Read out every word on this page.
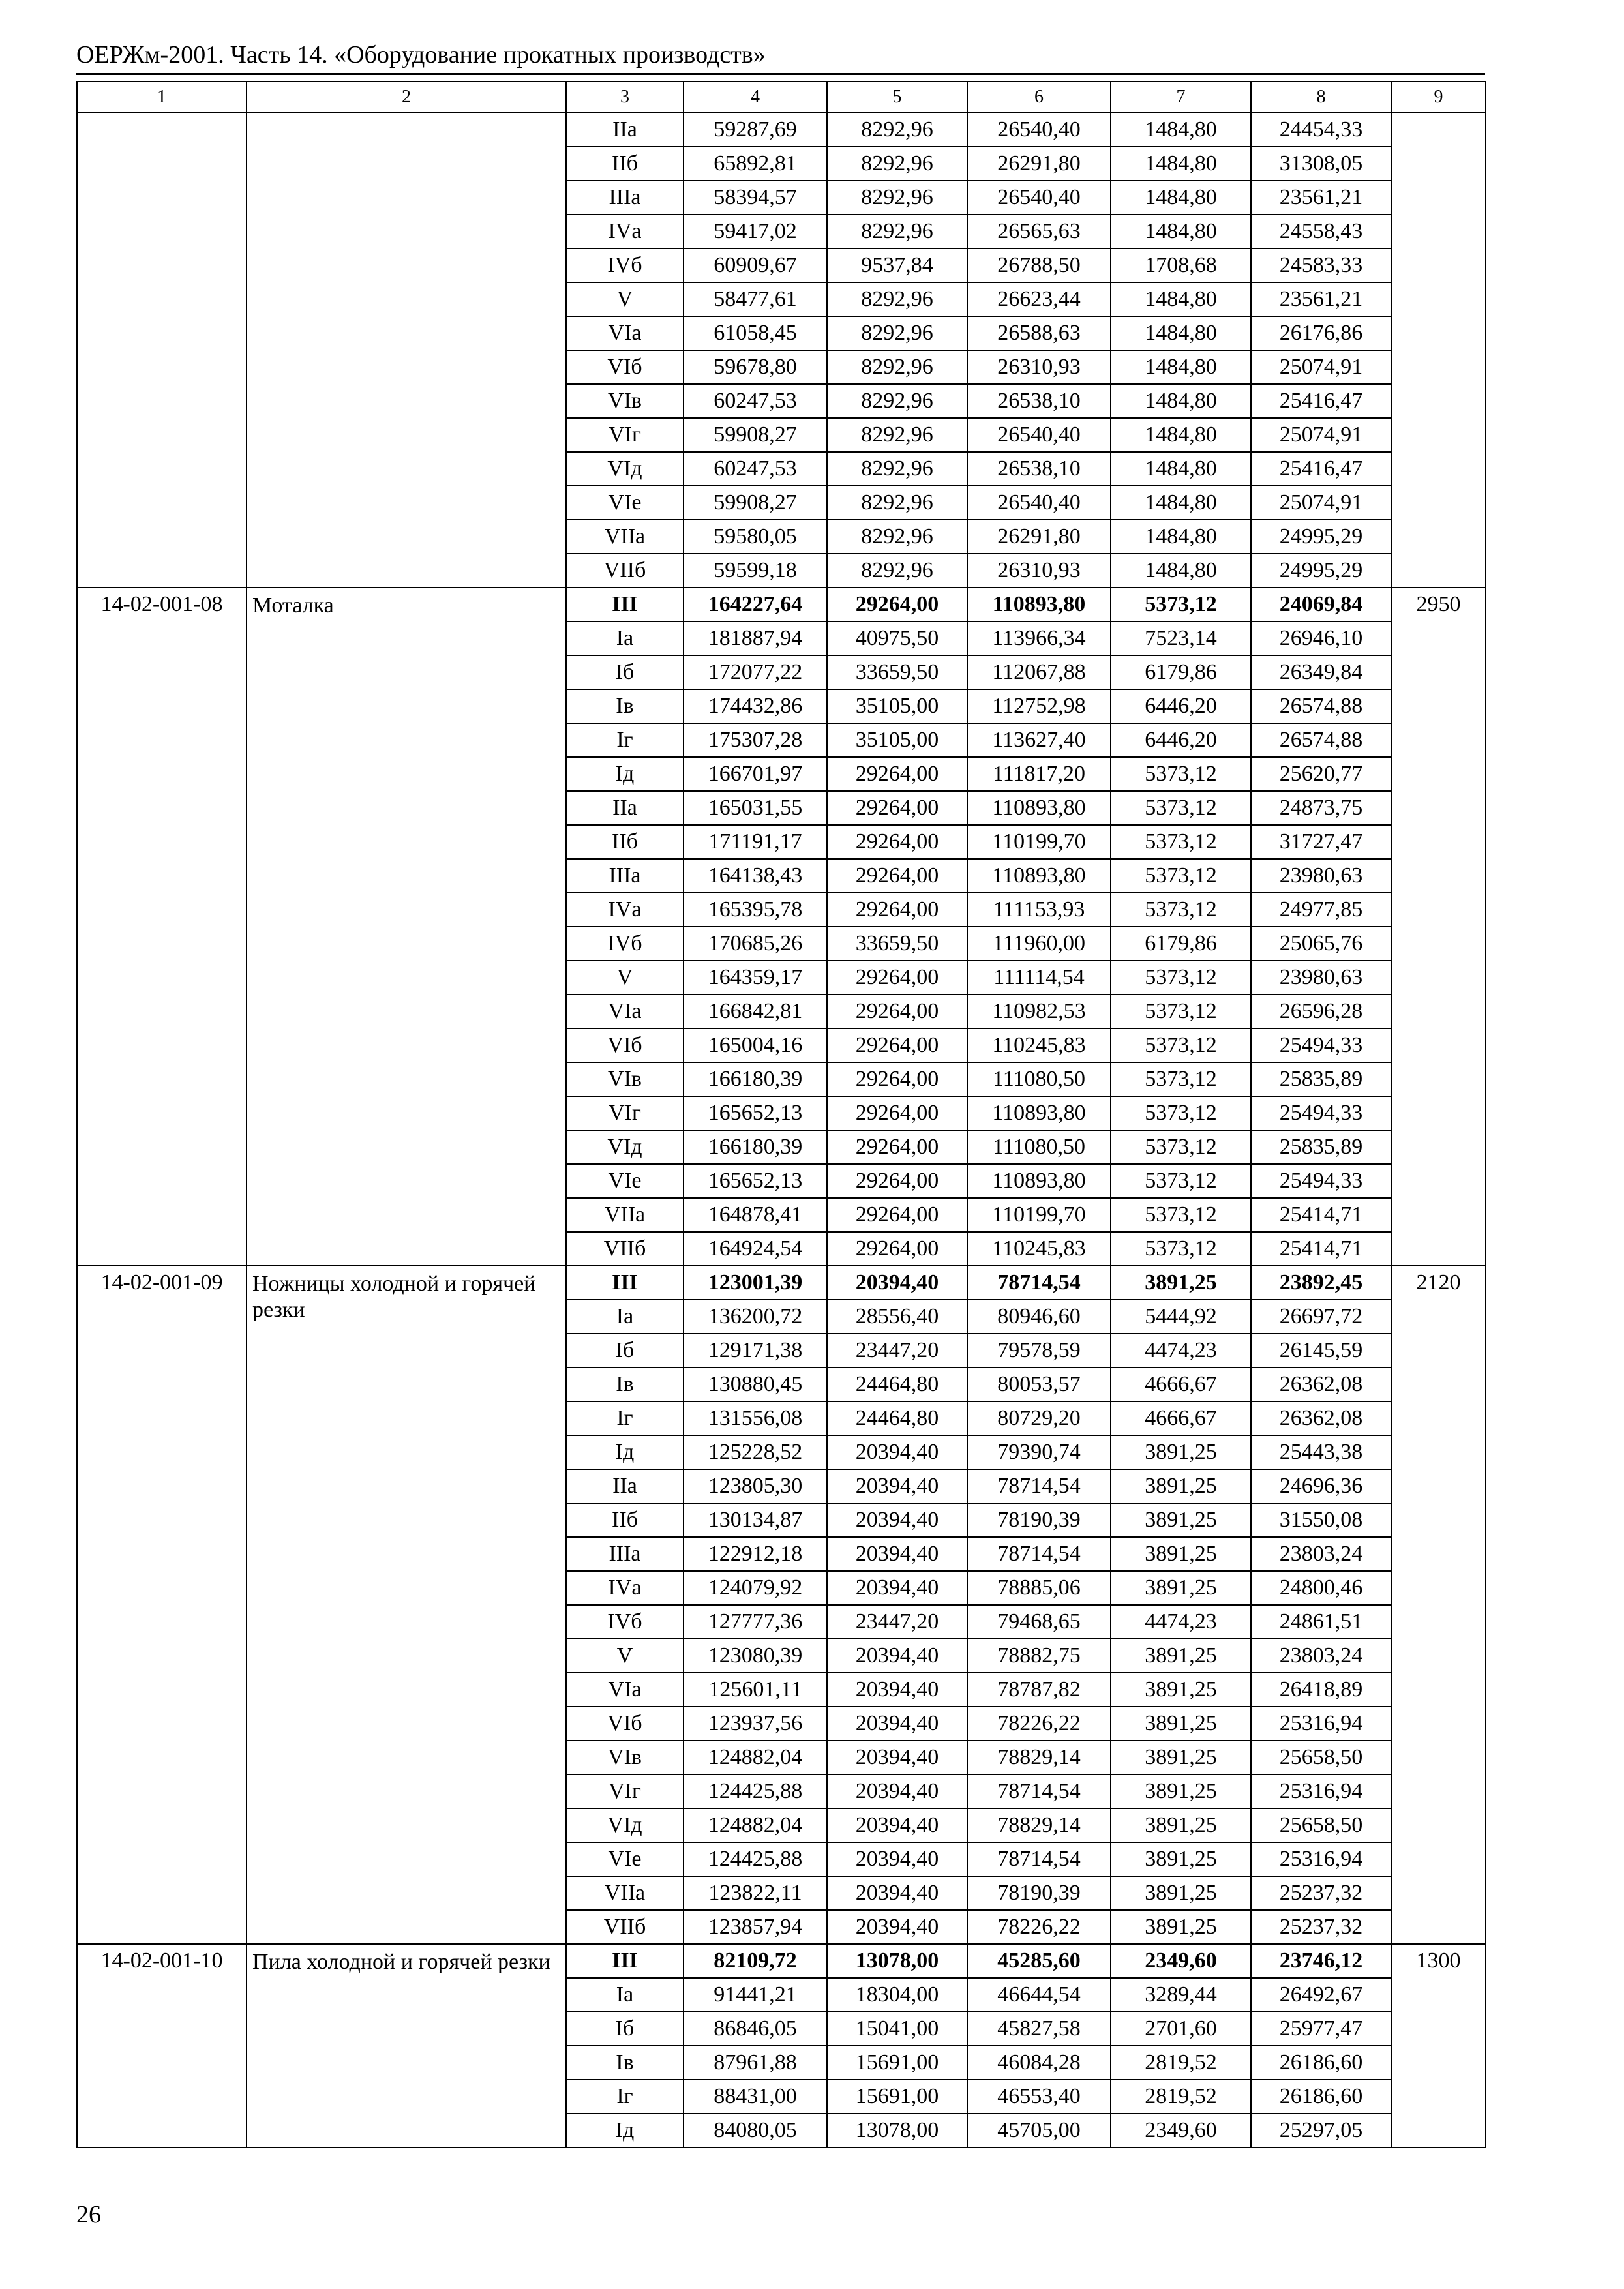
ОЕРЖм-2001. Часть 14. «Оборудование прокатных производств»
1	2	3	4	5	6	7	8	9
		IIа	59287,69	8292,96	26540,40	1484,80	24454,33	
		IIб	65892,81	8292,96	26291,80	1484,80	31308,05	
		IIIа	58394,57	8292,96	26540,40	1484,80	23561,21	
		IVа	59417,02	8292,96	26565,63	1484,80	24558,43	
		IVб	60909,67	9537,84	26788,50	1708,68	24583,33	
		V	58477,61	8292,96	26623,44	1484,80	23561,21	
		VIа	61058,45	8292,96	26588,63	1484,80	26176,86	
		VIб	59678,80	8292,96	26310,93	1484,80	25074,91	
		VIв	60247,53	8292,96	26538,10	1484,80	25416,47	
		VIг	59908,27	8292,96	26540,40	1484,80	25074,91	
		VIд	60247,53	8292,96	26538,10	1484,80	25416,47	
		VIе	59908,27	8292,96	26540,40	1484,80	25074,91	
		VIIа	59580,05	8292,96	26291,80	1484,80	24995,29	
		VIIб	59599,18	8292,96	26310,93	1484,80	24995,29	
14-02-001-08	Моталка	III	164227,64	29264,00	110893,80	5373,12	24069,84	2950
		Iа	181887,94	40975,50	113966,34	7523,14	26946,10	
		Iб	172077,22	33659,50	112067,88	6179,86	26349,84	
		Iв	174432,86	35105,00	112752,98	6446,20	26574,88	
		Iг	175307,28	35105,00	113627,40	6446,20	26574,88	
		Iд	166701,97	29264,00	111817,20	5373,12	25620,77	
		IIа	165031,55	29264,00	110893,80	5373,12	24873,75	
		IIб	171191,17	29264,00	110199,70	5373,12	31727,47	
		IIIа	164138,43	29264,00	110893,80	5373,12	23980,63	
		IVа	165395,78	29264,00	111153,93	5373,12	24977,85	
		IVб	170685,26	33659,50	111960,00	6179,86	25065,76	
		V	164359,17	29264,00	111114,54	5373,12	23980,63	
		VIа	166842,81	29264,00	110982,53	5373,12	26596,28	
		VIб	165004,16	29264,00	110245,83	5373,12	25494,33	
		VIв	166180,39	29264,00	111080,50	5373,12	25835,89	
		VIг	165652,13	29264,00	110893,80	5373,12	25494,33	
		VIд	166180,39	29264,00	111080,50	5373,12	25835,89	
		VIе	165652,13	29264,00	110893,80	5373,12	25494,33	
		VIIа	164878,41	29264,00	110199,70	5373,12	25414,71	
		VIIб	164924,54	29264,00	110245,83	5373,12	25414,71	
14-02-001-09	Ножницы холодной и горячей резки	III	123001,39	20394,40	78714,54	3891,25	23892,45	2120
		Iа	136200,72	28556,40	80946,60	5444,92	26697,72	
		Iб	129171,38	23447,20	79578,59	4474,23	26145,59	
		Iв	130880,45	24464,80	80053,57	4666,67	26362,08	
		Iг	131556,08	24464,80	80729,20	4666,67	26362,08	
		Iд	125228,52	20394,40	79390,74	3891,25	25443,38	
		IIа	123805,30	20394,40	78714,54	3891,25	24696,36	
		IIб	130134,87	20394,40	78190,39	3891,25	31550,08	
		IIIа	122912,18	20394,40	78714,54	3891,25	23803,24	
		IVа	124079,92	20394,40	78885,06	3891,25	24800,46	
		IVб	127777,36	23447,20	79468,65	4474,23	24861,51	
		V	123080,39	20394,40	78882,75	3891,25	23803,24	
		VIа	125601,11	20394,40	78787,82	3891,25	26418,89	
		VIб	123937,56	20394,40	78226,22	3891,25	25316,94	
		VIв	124882,04	20394,40	78829,14	3891,25	25658,50	
		VIг	124425,88	20394,40	78714,54	3891,25	25316,94	
		VIд	124882,04	20394,40	78829,14	3891,25	25658,50	
		VIе	124425,88	20394,40	78714,54	3891,25	25316,94	
		VIIа	123822,11	20394,40	78190,39	3891,25	25237,32	
		VIIб	123857,94	20394,40	78226,22	3891,25	25237,32	
14-02-001-10	Пила холодной и горячей резки	III	82109,72	13078,00	45285,60	2349,60	23746,12	1300
		Iа	91441,21	18304,00	46644,54	3289,44	26492,67	
		Iб	86846,05	15041,00	45827,58	2701,60	25977,47	
		Iв	87961,88	15691,00	46084,28	2819,52	26186,60	
		Iг	88431,00	15691,00	46553,40	2819,52	26186,60	
		Iд	84080,05	13078,00	45705,00	2349,60	25297,05	
26
